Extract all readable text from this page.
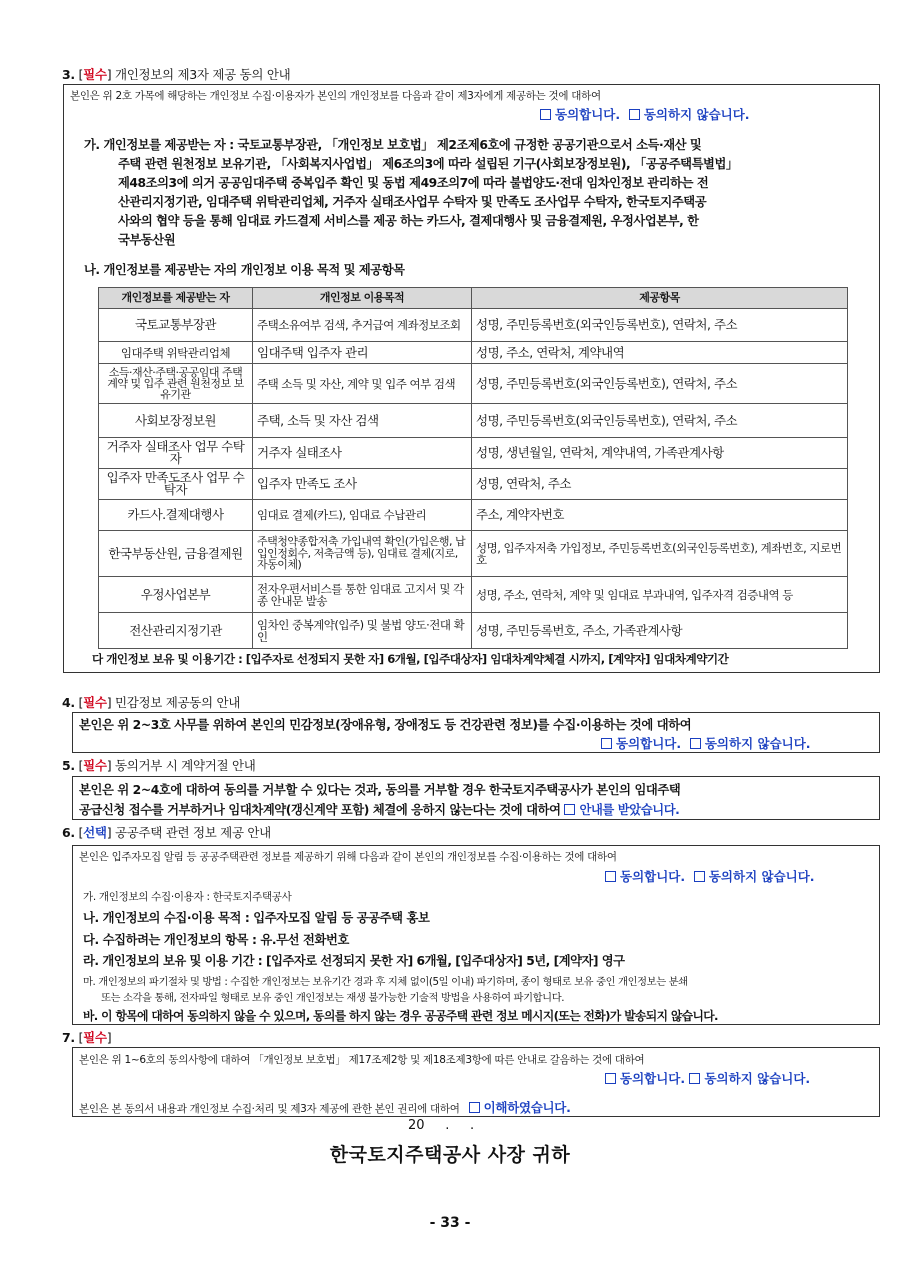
3. [필수] 개인정보의 제3자 제공 동의 안내
본인은 위 2호 가목에 해당하는 개인정보 수집·이용자가 본인의 개인정보를 다음과 같이 제3자에게 제공하는 것에 대하여
동의합니다. 동의하지 않습니다.
가. 개인정보를 제공받는 자 : 국토교통부장관, 「개인정보 보호법」 제2조제6호에 규정한 공공기관으로서 소득·재산 및
주택 관련 원천정보 보유기관, 「사회복지사업법」 제6조의3에 따라 설립된 기구(사회보장정보원), 「공공주택특별법」
제48조의3에 의거 공공임대주택 중복입주 확인 및 동법 제49조의7에 따라 불법양도·전대 임차인정보 관리하는 전
산관리지정기관, 임대주택 위탁관리업체, 거주자 실태조사업무 수탁자 및 만족도 조사업무 수탁자, 한국토지주택공
사와의 협약 등을 통해 임대료 카드결제 서비스를 제공 하는 카드사, 결제대행사 및 금융결제원, 우정사업본부, 한
국부동산원
나. 개인정보를 제공받는 자의 개인정보 이용 목적 및 제공항목
개인정보를 제공받는 자	개인정보 이용목적	제공항목
국토교통부장관	주택소유여부 검색, 추거급여 계좌정보조회	성명, 주민등록번호(외국인등록번호), 연락처, 주소
임대주택 위탁관리업체	임대주택 입주자 관리	성명, 주소, 연락처, 계약내역
소득·재산·주택·공공임대 주택 계약 및 입주 관련 원천정보 보유기관	주택 소득 및 자산, 계약 및 입주 여부 검색	성명, 주민등록번호(외국인등록번호), 연락처, 주소
사회보장정보원	주택, 소득 및 자산 검색	성명, 주민등록번호(외국인등록번호), 연락처, 주소
거주자 실태조사 업무 수탁자	거주자 실태조사	성명, 생년월일, 연락처, 계약내역, 가족관계사항
입주자 만족도조사 업무 수탁자	입주자 만족도 조사	성명, 연락처, 주소
카드사.결제대행사	임대료 결제(카드), 임대료 수납관리	주소, 계약자번호
한국부동산원, 금융결제원	주택청약종합저축 가입내역 확인(가입은행, 납입인정회수, 저축금액 등), 임대료 결제(지로,자동이체)	성명, 입주자저축 가입정보, 주민등록번호(외국인등록번호), 계좌번호, 지로번호
우정사업본부	전자우편서비스를 통한 임대료 고지서 및 각종 안내문 발송	성명, 주소, 연락처, 계약 및 임대료 부과내역, 입주자격 검증내역 등
전산관리지정기관	임차인 중복계약(입주) 및 불법 양도·전대 확인	성명, 주민등록번호, 주소, 가족관계사항
다 개인정보 보유 및 이용기간 : [입주자로 선정되지 못한 자] 6개월, [입주대상자] 임대차계약체결 시까지, [계약자] 임대차계약기간
4. [필수] 민감정보 제공동의 안내
본인은 위 2~3호 사무를 위하여 본인의 민감정보(장애유형, 장애정도 등 건강관련 정보)를 수집·이용하는 것에 대하여
동의합니다. 동의하지 않습니다.
5. [필수] 동의거부 시 계약거절 안내
본인은 위 2~4호에 대하여 동의를 거부할 수 있다는 것과, 동의를 거부할 경우 한국토지주택공사가 본인의 임대주택
공급신청 접수를 거부하거나 임대차계약(갱신계약 포함) 체결에 응하지 않는다는 것에 대하여 안내를 받았습니다.
6. [선택] 공공주택 관련 정보 제공 안내
본인은 입주자모집 알림 등 공공주택관련 정보를 제공하기 위해 다음과 같이 본인의 개인정보를 수집·이용하는 것에 대하여
동의합니다. 동의하지 않습니다.
가. 개인정보의 수집·이용자 : 한국토지주택공사
나. 개인정보의 수집·이용 목적 : 입주자모집 알림 등 공공주택 홍보
다. 수집하려는 개인정보의 항목 : 유.무선 전화번호
라. 개인정보의 보유 및 이용 기간 : [입주자로 선정되지 못한 자] 6개월, [입주대상자] 5년, [계약자] 영구
마. 개인정보의 파기절차 및 방법 : 수집한 개인정보는 보유기간 경과 후 지체 없이(5일 이내) 파기하며, 종이 형태로 보유 중인 개인정보는 분쇄
또는 소각을 통해, 전자파일 형태로 보유 중인 개인정보는 재생 불가능한 기술적 방법을 사용하여 파기합니다.
바. 이 항목에 대하여 동의하지 않을 수 있으며, 동의를 하지 않는 경우 공공주택 관련 정보 메시지(또는 전화)가 발송되지 않습니다.
7. [필수]
본인은 위 1~6호의 동의사항에 대하여 「개인정보 보호법」 제17조제2항 및 제18조제3항에 따른 안내로 갈음하는 것에 대하여
동의합니다. 동의하지 않습니다.
본인은 본 동의서 내용과 개인정보 수집·처리 및 제3자 제공에 관한 본인 권리에 대하여 이해하였습니다.
20     .     .
한국토지주택공사 사장 귀하
- 33 -
